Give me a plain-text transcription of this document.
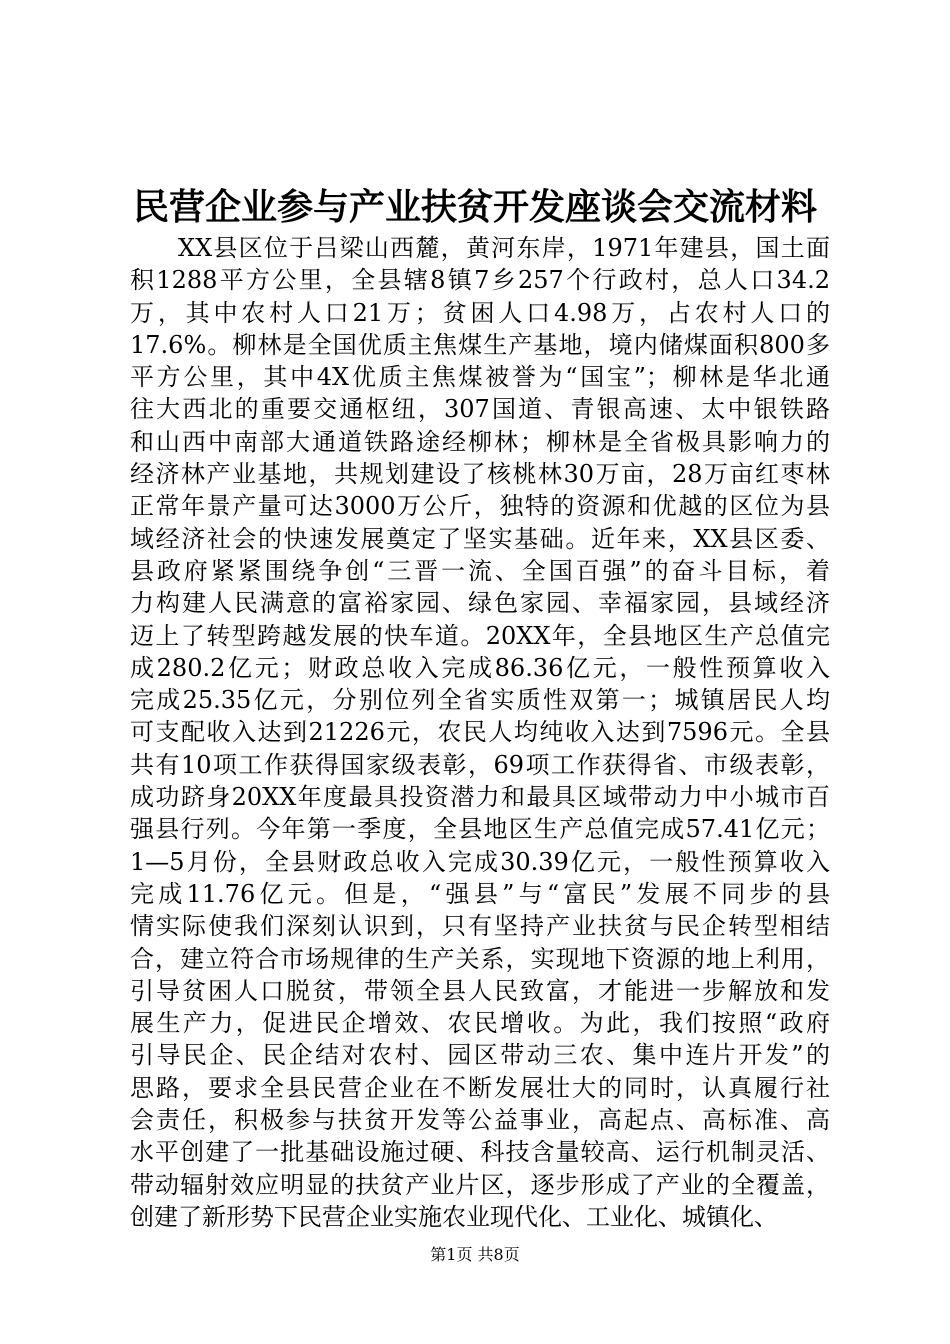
民营企业参与产业扶贫开发座谈会交流材料
XX县区位于吕梁山西麓，黄河东岸，1971年建县，国土面
积1288平方公里，全县辖8镇7乡257个行政村，总人口34.2
万，其中农村人口21万；贫困人口4.98万，占农村人口的
17.6%。柳林是全国优质主焦煤生产基地，境内储煤面积800多
平方公里，其中4X优质主焦煤被誉为“国宝”；柳林是华北通
往大西北的重要交通枢纽，307国道、青银高速、太中银铁路
和山西中南部大通道铁路途经柳林；柳林是全省极具影响力的
经济林产业基地，共规划建设了核桃林30万亩，28万亩红枣林
正常年景产量可达3000万公斤，独特的资源和优越的区位为县
域经济社会的快速发展奠定了坚实基础。近年来，XX县区委、
县政府紧紧围绕争创“三晋一流、全国百强”的奋斗目标，着
力构建人民满意的富裕家园、绿色家园、幸福家园，县域经济
迈上了转型跨越发展的快车道。20XX年，全县地区生产总值完
成280.2亿元；财政总收入完成86.36亿元，一般性预算收入
完成25.35亿元，分别位列全省实质性双第一；城镇居民人均
可支配收入达到21226元，农民人均纯收入达到7596元。全县
共有10项工作获得国家级表彰，69项工作获得省、市级表彰，
成功跻身20XX年度最具投资潜力和最具区域带动力中小城市百
强县行列。今年第一季度，全县地区生产总值完成57.41亿元；
1—5月份，全县财政总收入完成30.39亿元，一般性预算收入
完成11.76亿元。但是，“强县”与“富民”发展不同步的县
情实际使我们深刻认识到，只有坚持产业扶贫与民企转型相结
合，建立符合市场规律的生产关系，实现地下资源的地上利用，
引导贫困人口脱贫，带领全县人民致富，才能进一步解放和发
展生产力，促进民企增效、农民增收。为此，我们按照“政府
引导民企、民企结对农村、园区带动三农、集中连片开发”的
思路，要求全县民营企业在不断发展壮大的同时，认真履行社
会责任，积极参与扶贫开发等公益事业，高起点、高标准、高
水平创建了一批基础设施过硬、科技含量较高、运行机制灵活、
带动辐射效应明显的扶贫产业片区，逐步形成了产业的全覆盖，
创建了新形势下民营企业实施农业现代化、工业化、城镇化、
第1页 共8页
